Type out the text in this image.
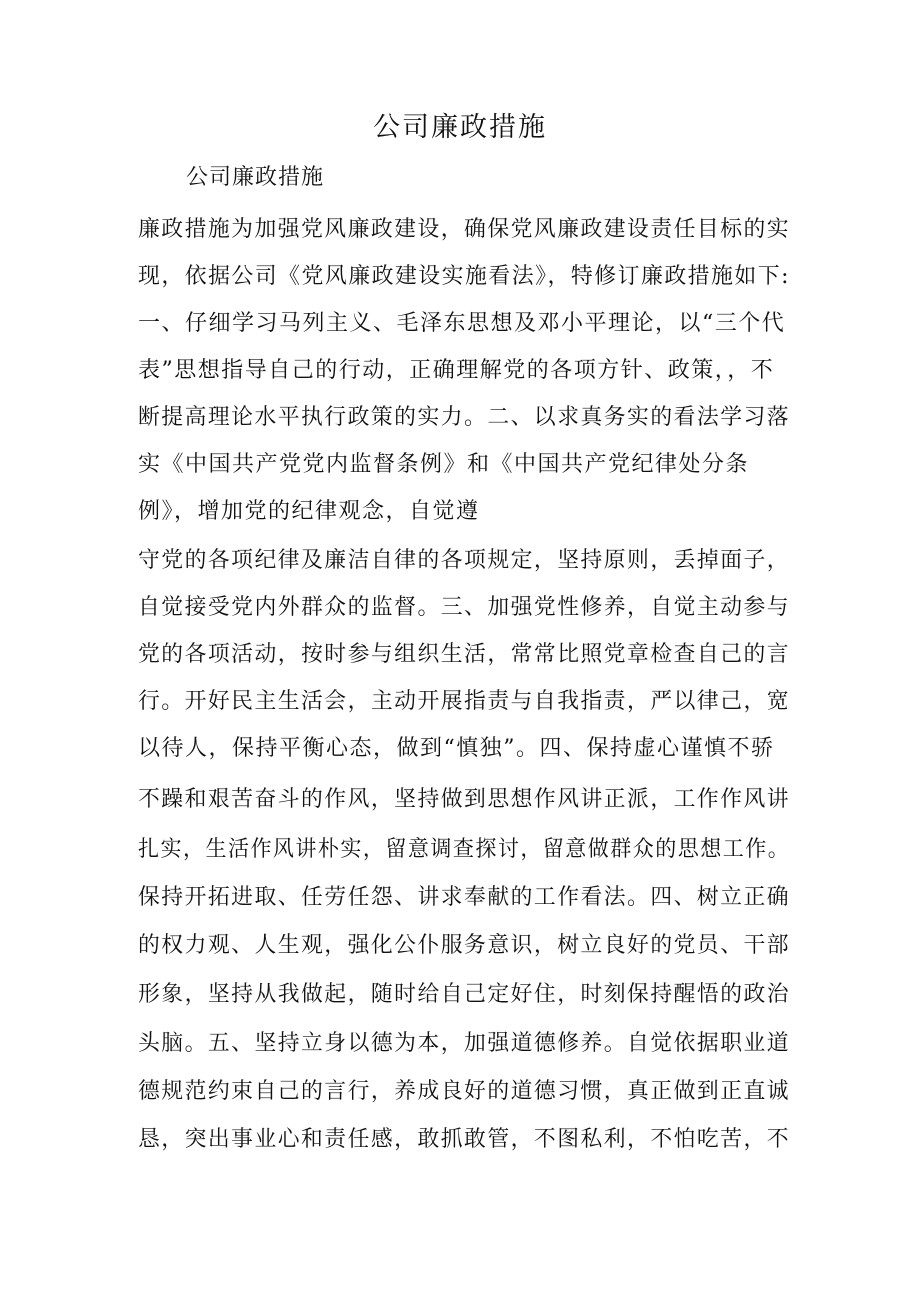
公司廉政措施
公司廉政措施
廉政措施为加强党风廉政建设，确保党风廉政建设责任目标的实
现，依据公司《党风廉政建设实施看法》，特修订廉政措施如下:
一、仔细学习马列主义、毛泽东思想及邓小平理论，以“三个代
表”思想指导自己的行动，正确理解党的各项方针、政策，，不
断提高理论水平执行政策的实力。二、以求真务实的看法学习落
实《中国共产党党内监督条例》和《中国共产党纪律处分条
例》，增加党的纪律观念，自觉遵
守党的各项纪律及廉洁自律的各项规定，坚持原则，丢掉面子，
自觉接受党内外群众的监督。三、加强党性修养，自觉主动参与
党的各项活动，按时参与组织生活，常常比照党章检查自己的言
行。开好民主生活会，主动开展指责与自我指责，严以律己，宽
以待人，保持平衡心态，做到“慎独”。四、保持虚心谨慎不骄
不躁和艰苦奋斗的作风，坚持做到思想作风讲正派，工作作风讲
扎实，生活作风讲朴实，留意调查探讨，留意做群众的思想工作。
保持开拓进取、任劳任怨、讲求奉献的工作看法。四、树立正确
的权力观、人生观，强化公仆服务意识，树立良好的党员、干部
形象，坚持从我做起，随时给自己定好住，时刻保持醒悟的政治
头脑。五、坚持立身以德为本，加强道德修养。自觉依据职业道
德规范约束自己的言行，养成良好的道德习惯，真正做到正直诚
恳，突出事业心和责任感，敢抓敢管，不图私利，不怕吃苦，不
